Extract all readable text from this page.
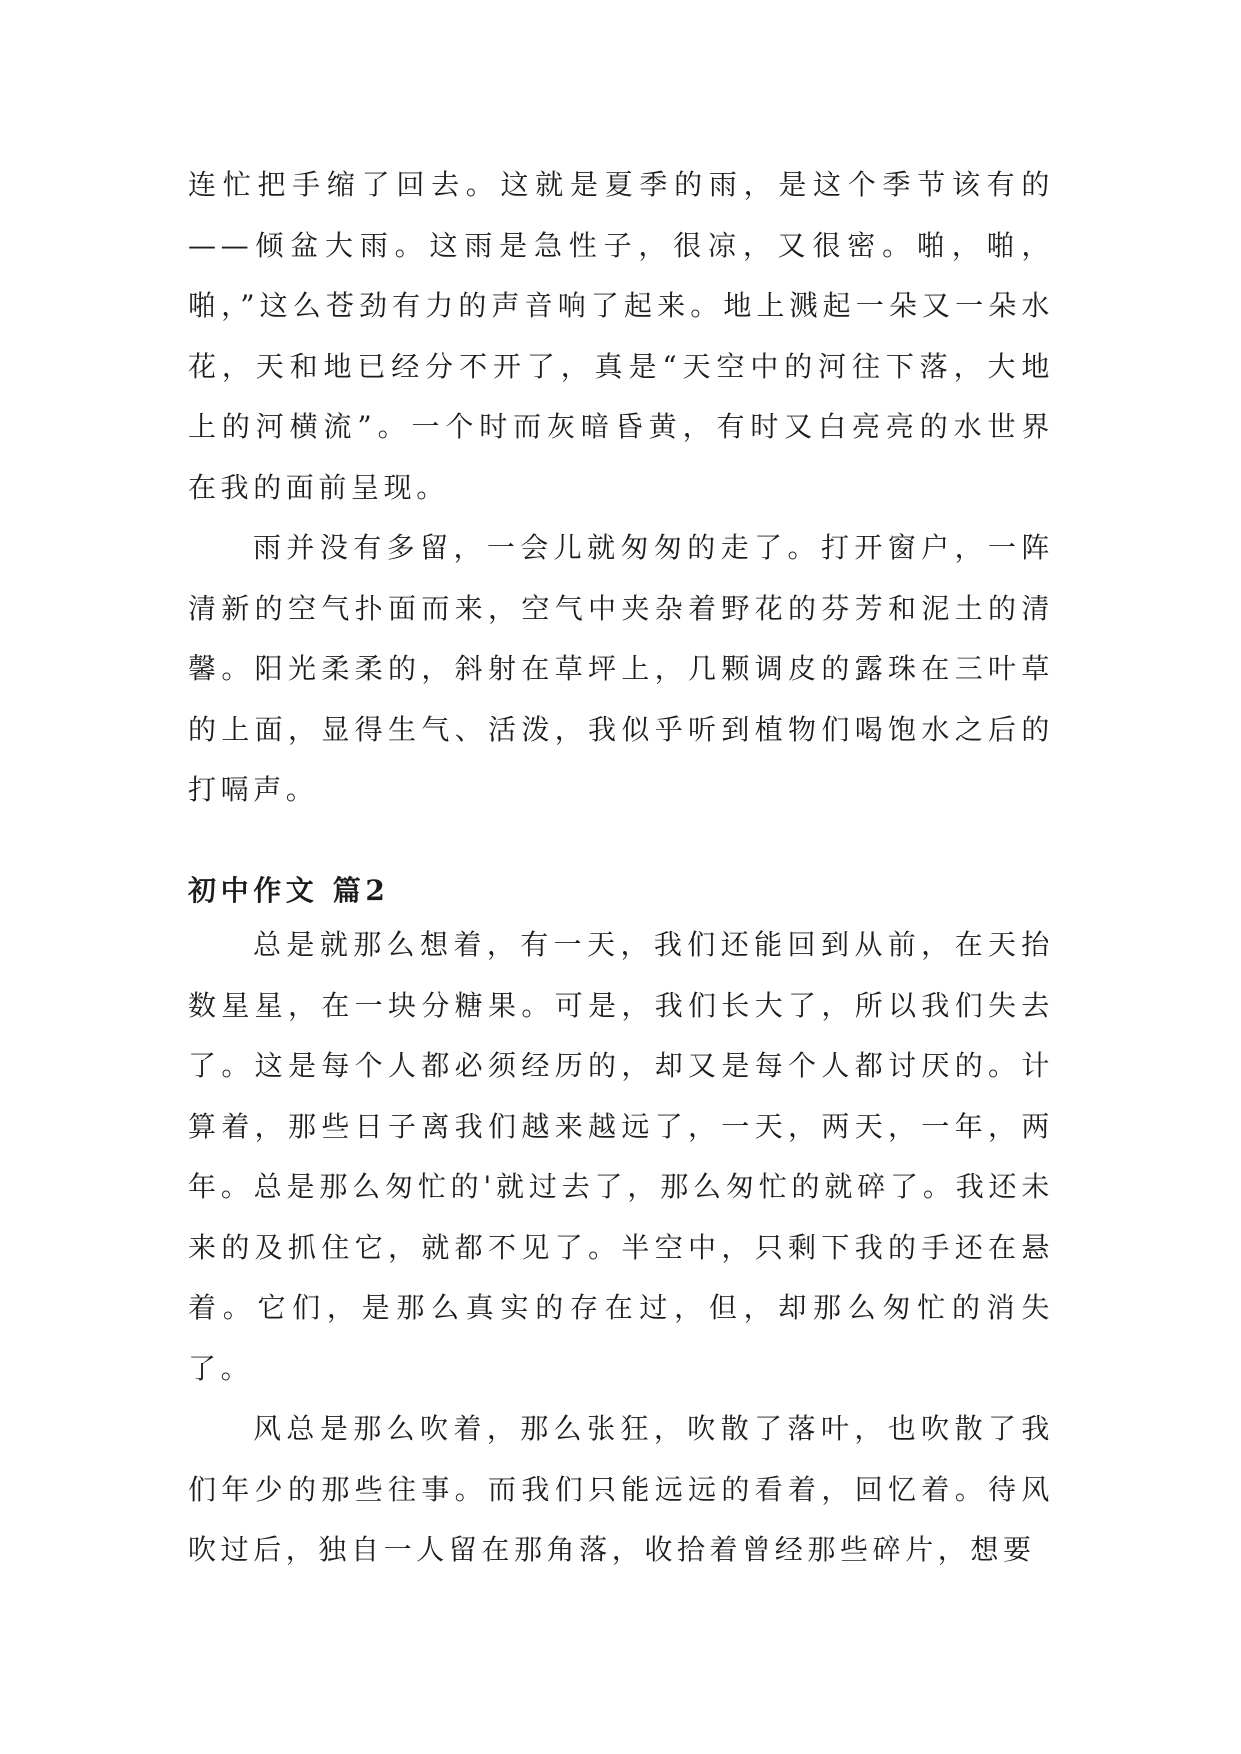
连忙把手缩了回去。这就是夏季的雨，是这个季节该有的——倾盆大雨。这雨是急性子，很凉，又很密。啪，啪，啪，”这么苍劲有力的声音响了起来。地上溅起一朵又一朵水花，天和地已经分不开了，真是“天空中的河往下落，大地上的河横流”。一个时而灰暗昏黄，有时又白亮亮的水世界在我的面前呈现。

雨并没有多留，一会儿就匆匆的走了。打开窗户，一阵清新的空气扑面而来，空气中夹杂着野花的芬芳和泥土的清馨。阳光柔柔的，斜射在草坪上，几颗调皮的露珠在三叶草的上面，显得生气、活泼，我似乎听到植物们喝饱水之后的打嗝声。

初中作文 篇2

总是就那么想着，有一天，我们还能回到从前，在天抬数星星，在一块分糖果。可是，我们长大了，所以我们失去了。这是每个人都必须经历的，却又是每个人都讨厌的。计算着，那些日子离我们越来越远了，一天，两天，一年，两年。总是那么匆忙的'就过去了，那么匆忙的就碎了。我还未来的及抓住它，就都不见了。半空中，只剩下我的手还在悬着。它们，是那么真实的存在过，但，却那么匆忙的消失了。

风总是那么吹着，那么张狂，吹散了落叶，也吹散了我们年少的那些往事。而我们只能远远的看着，回忆着。待风吹过后，独自一人留在那角落，收拾着曾经那些碎片，想要
